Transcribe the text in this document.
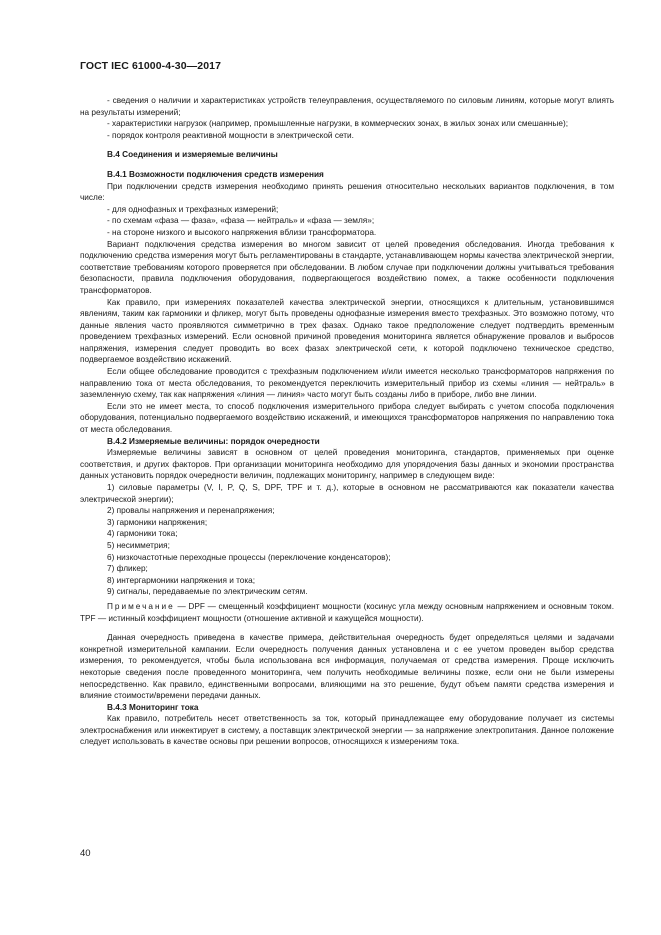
ГОСТ IEC 61000-4-30—2017

- сведения о наличии и характеристиках устройств телеуправления, осуществляемого по силовым линиям, которые могут влиять на результаты измерений;

- характеристики нагрузок (например, промышленные нагрузки, в коммерческих зонах, в жилых зонах или смешанные);

- порядок контроля реактивной мощности в электрической сети.

B.4 Соединения и измеряемые величины

B.4.1 Возможности подключения средств измерения

При подключении средств измерения необходимо принять решения относительно нескольких вариантов подключения, в том числе:

- для однофазных и трехфазных измерений;

- по схемам «фаза — фаза», «фаза — нейтраль» и «фаза — земля»;

- на стороне низкого и высокого напряжения вблизи трансформатора.

Вариант подключения средства измерения во многом зависит от целей проведения обследования. Иногда требования к подключению средства измерения могут быть регламентированы в стандарте, устанавливающем нормы качества электрической энергии, соответствие требованиям которого проверяется при обследовании. В любом случае при подключении должны учитываться требования безопасности, правила подключения оборудования, подвергающегося воздействию помех, а также особенности подключения трансформаторов.

Как правило, при измерениях показателей качества электрической энергии, относящихся к длительным, установившимся явлениям, таким как гармоники и фликер, могут быть проведены однофазные измерения вместо трехфазных. Это возможно потому, что данные явления часто проявляются симметрично в трех фазах. Однако такое предположение следует подтвердить временным проведением трехфазных измерений. Если основной причиной проведения мониторинга является обнаружение провалов и выбросов напряжения, измерения следует проводить во всех фазах электрической сети, к которой подключено техническое средство, подвергаемое воздействию искажений.

Если общее обследование проводится с трехфазным подключением и/или имеется несколько трансформаторов напряжения по направлению тока от места обследования, то рекомендуется переключить измерительный прибор из схемы «линия — нейтраль» в заземленную схему, так как напряжения «линия — линия» часто могут быть созданы либо в приборе, либо вне линии.

Если это не имеет места, то способ подключения измерительного прибора следует выбирать с учетом способа подключения оборудования, потенциально подвергаемого воздействию искажений, и имеющихся трансформаторов напряжения по направлению тока от места обследования.

B.4.2 Измеряемые величины: порядок очередности

Измеряемые величины зависят в основном от целей проведения мониторинга, стандартов, применяемых при оценке соответствия, и других факторов. При организации мониторинга необходимо для упорядочения базы данных и экономии пространства данных установить порядок очередности величин, подлежащих мониторингу, например в следующем виде:

1) силовые параметры (V, I, P, Q, S, DPF, TPF и т. д.), которые в основном не рассматриваются как показатели качества электрической энергии);

2) провалы напряжения и перенапряжения;

3) гармоники напряжения;

4) гармоники тока;

5) несимметрия;

6) низкочастотные переходные процессы (переключение конденсаторов);

7) фликер;

8) интергармоники напряжения и тока;

9) сигналы, передаваемые по электрическим сетям.

Примечание — DPF — смещенный коэффициент мощности (косинус угла между основным напряжением и основным током. TPF — истинный коэффициент мощности (отношение активной и кажущейся мощности).

Данная очередность приведена в качестве примера, действительная очередность будет определяться целями и задачами конкретной измерительной кампании. Если очередность получения данных установлена и с ее учетом проведен выбор средства измерения, то рекомендуется, чтобы была использована вся информация, получаемая от средства измерения. Проще исключить некоторые сведения после проведенного мониторинга, чем получить необходимые величины позже, если они не были измерены непосредственно. Как правило, единственными вопросами, влияющими на это решение, будут объем памяти средства измерения и влияние стоимости/времени передачи данных.

B.4.3 Мониторинг тока

Как правило, потребитель несет ответственность за ток, который принадлежащее ему оборудование получает из системы электроснабжения или инжектирует в систему, а поставщик электрической энергии — за напряжение электропитания. Данное положение следует использовать в качестве основы при решении вопросов, относящихся к измерениям тока.

40
